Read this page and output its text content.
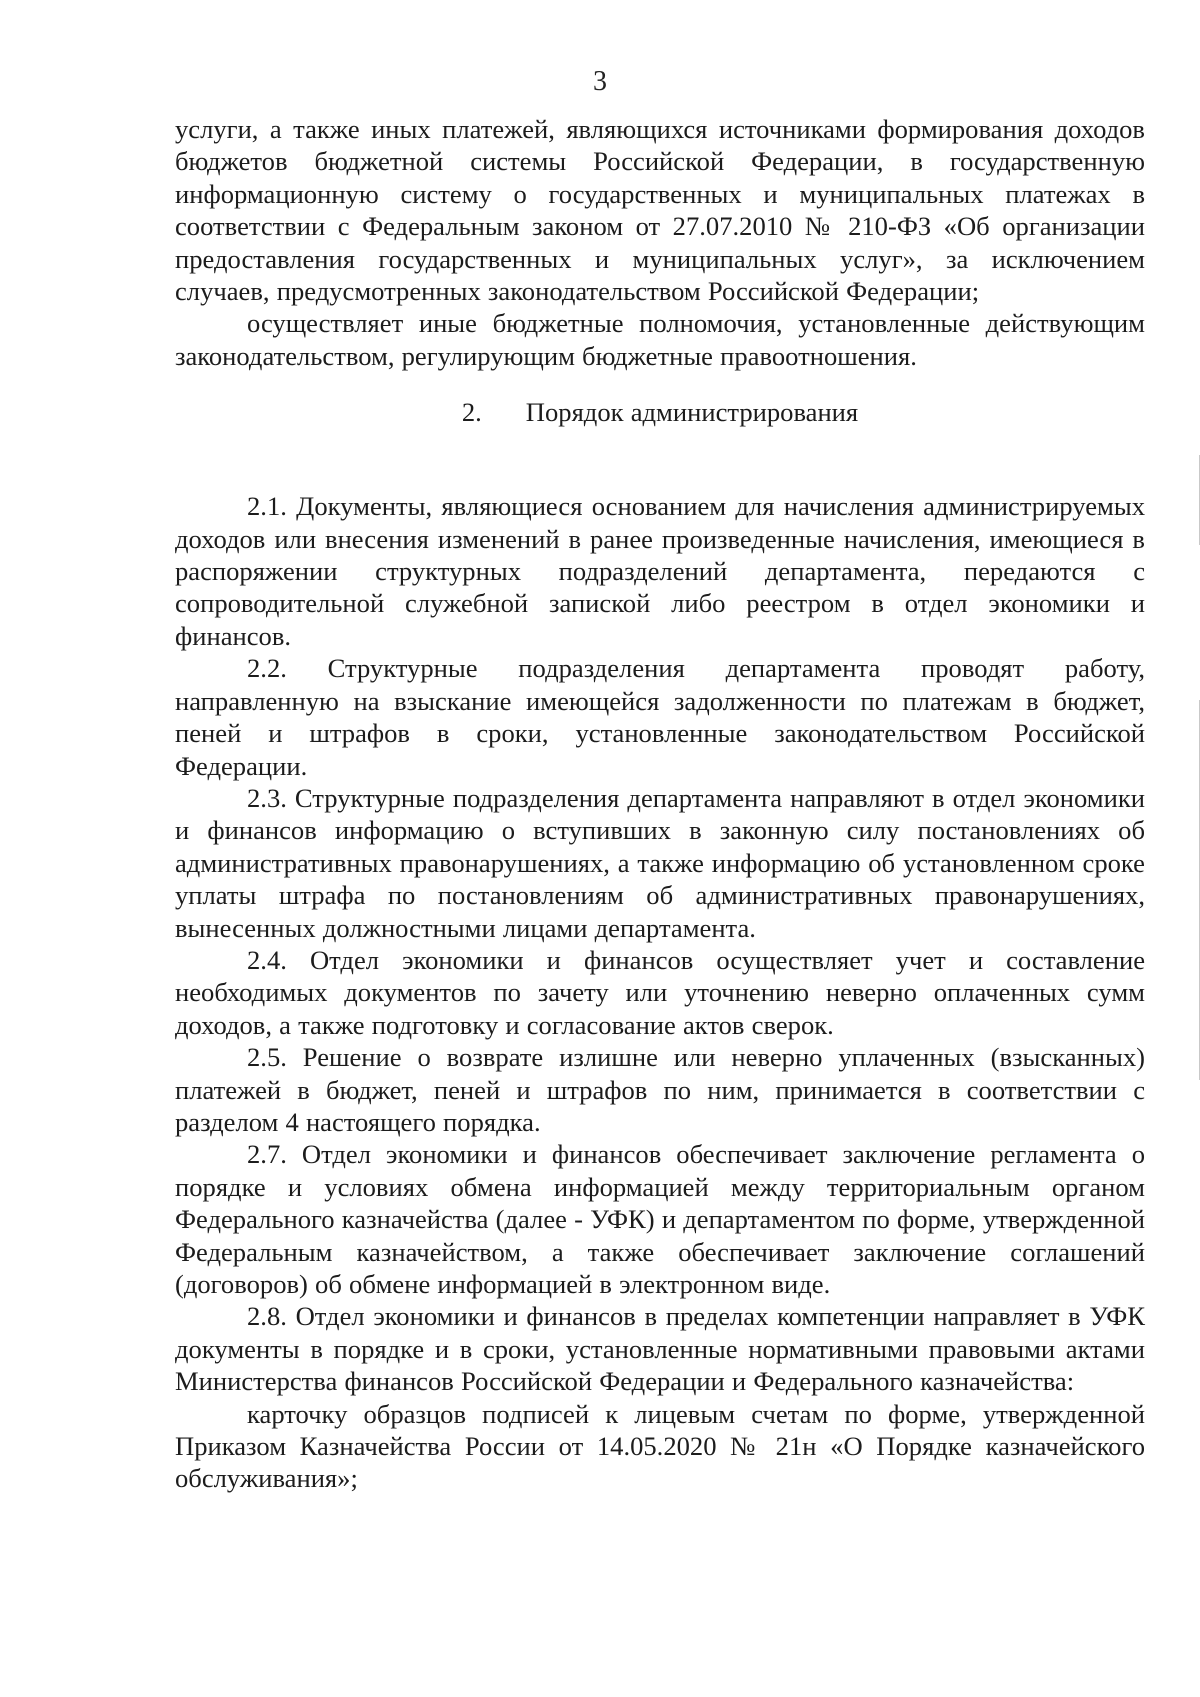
3

услуги, а также иных платежей, являющихся источниками формирования доходов бюджетов бюджетной системы Российской Федерации, в государственную информационную систему о государственных и муниципальных платежах в соответствии с Федеральным законом от 27.07.2010 № 210-ФЗ «Об организации предоставления государственных и муниципальных услуг», за исключением случаев, предусмотренных законодательством Российской Федерации;

осуществляет иные бюджетные полномочия, установленные действующим законодательством, регулирующим бюджетные правоотношения.

2. Порядок администрирования

2.1. Документы, являющиеся основанием для начисления администрируемых доходов или внесения изменений в ранее произведенные начисления, имеющиеся в распоряжении структурных подразделений департамента, передаются с сопроводительной служебной запиской либо реестром в отдел экономики и финансов.

2.2. Структурные подразделения департамента проводят работу, направленную на взыскание имеющейся задолженности по платежам в бюджет, пеней и штрафов в сроки, установленные законодательством Российской Федерации.

2.3. Структурные подразделения департамента направляют в отдел экономики и финансов информацию о вступивших в законную силу постановлениях об административных правонарушениях, а также информацию об установленном сроке уплаты штрафа по постановлениям об административных правонарушениях, вынесенных должностными лицами департамента.

2.4. Отдел экономики и финансов осуществляет учет и составление необходимых документов по зачету или уточнению неверно оплаченных сумм доходов, а также подготовку и согласование актов сверок.

2.5. Решение о возврате излишне или неверно уплаченных (взысканных) платежей в бюджет, пеней и штрафов по ним, принимается в соответствии с разделом 4 настоящего порядка.

2.7. Отдел экономики и финансов обеспечивает заключение регламента о порядке и условиях обмена информацией между территориальным органом Федерального казначейства (далее - УФК) и департаментом по форме, утвержденной Федеральным казначейством, а также обеспечивает заключение соглашений (договоров) об обмене информацией в электронном виде.

2.8. Отдел экономики и финансов в пределах компетенции направляет в УФК документы в порядке и в сроки, установленные нормативными правовыми актами Министерства финансов Российской Федерации и Федерального казначейства:

карточку образцов подписей к лицевым счетам по форме, утвержденной Приказом Казначейства России от 14.05.2020 № 21н «О Порядке казначейского обслуживания»;
